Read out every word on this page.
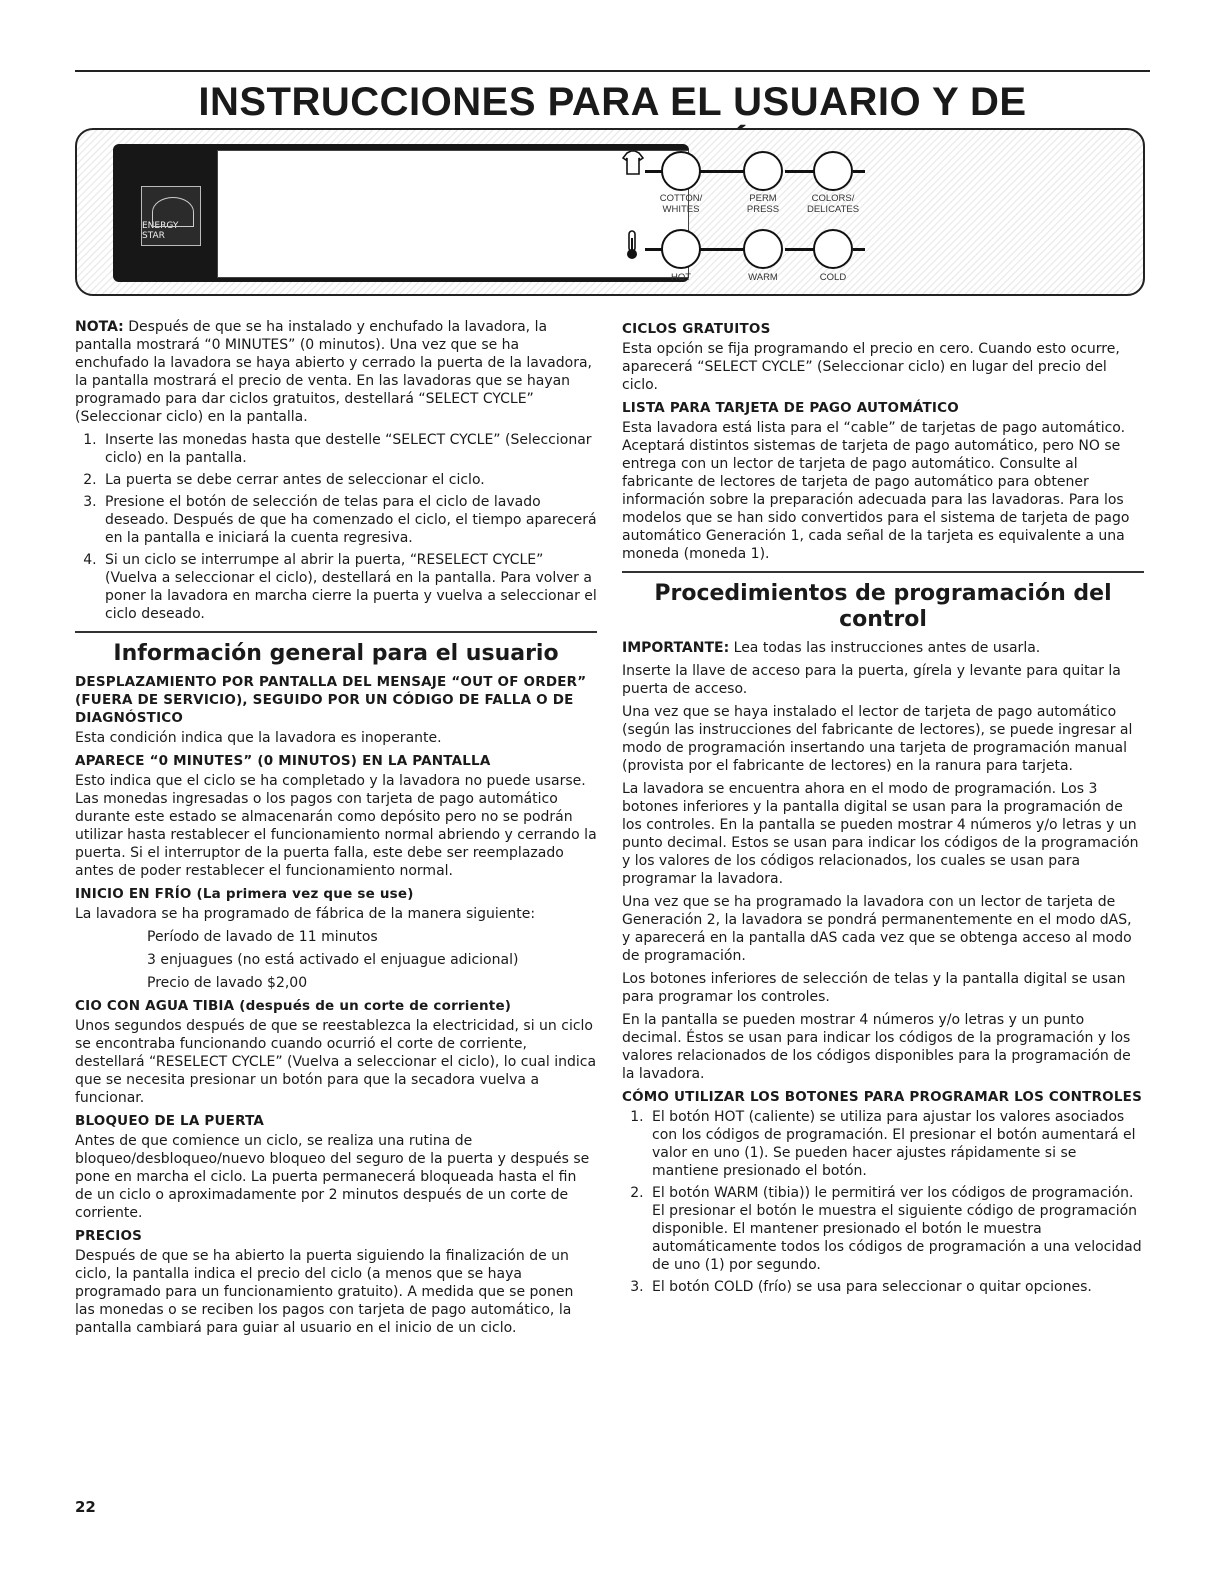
INSTRUCCIONES PARA EL USUARIO Y DE
ENERGY STAR
COTTON/
WHITES
PERM
PRESS
COLORS/
DELICATES
HOT	WARM	COLD

NOTA: Después de que se ha instalado y enchufado la lavadora, la pantalla mostrará “0 MINUTES” (0 minutos). Una vez que se ha enchufado la lavadora se haya abierto y cerrado la puerta de la lavadora, la pantalla mostrará el precio de venta. En las lavadoras que se hayan programado para dar ciclos gratuitos, destellará “SELECT CYCLE” (Seleccionar ciclo) en la pantalla.

1. Inserte las monedas hasta que destelle “SELECT CYCLE” (Seleccionar ciclo) en la pantalla.
2. La puerta se debe cerrar antes de seleccionar el ciclo.
3. Presione el botón de selección de telas para el ciclo de lavado deseado. Después de que ha comenzado el ciclo, el tiempo aparecerá en la pantalla e iniciará la cuenta regresiva.
4. Si un ciclo se interrumpe al abrir la puerta, “RESELECT CYCLE” (Vuelva a seleccionar el ciclo), destellará en la pantalla. Para volver a poner la lavadora en marcha cierre la puerta y vuelva a seleccionar el ciclo deseado.
Información general para el usuario
DESPLAZAMIENTO POR PANTALLA DEL MENSAJE “OUT OF ORDER” (FUERA DE SERVICIO), SEGUIDO POR UN CÓDIGO DE FALLA O DE DIAGNÓSTICO

Esta condición indica que la lavadora es inoperante.

APARECE “0 MINUTES” (0 MINUTOS) EN LA PANTALLA

Esto indica que el ciclo se ha completado y la lavadora no puede usarse. Las monedas ingresadas o los pagos con tarjeta de pago automático durante este estado se almacenarán como depósito pero no se podrán utilizar hasta restablecer el funcionamiento normal abriendo y cerrando la puerta. Si el interruptor de la puerta falla, este debe ser reemplazado antes de poder restablecer el funcionamiento normal.

INICIO EN FRÍO (La primera vez que se use)

La lavadora se ha programado de fábrica de la manera siguiente:

Período de lavado de 11 minutos

3 enjuagues (no está activado el enjuague adicional)

Precio de lavado $2,00

CIO CON AGUA TIBIA (después de un corte de corriente)

Unos segundos después de que se reestablezca la electricidad, si un ciclo se encontraba funcionando cuando ocurrió el corte de corriente, destellará “RESELECT CYCLE” (Vuelva a seleccionar el ciclo), lo cual indica que se necesita presionar un botón para que la secadora vuelva a funcionar.

BLOQUEO DE LA PUERTA

Antes de que comience un ciclo, se realiza una rutina de bloqueo/desbloqueo/nuevo bloqueo del seguro de la puerta y después se pone en marcha el ciclo. La puerta permanecerá bloqueada hasta el fin de un ciclo o aproximadamente por 2 minutos después de un corte de corriente.

PRECIOS

Después de que se ha abierto la puerta siguiendo la finalización de un ciclo, la pantalla indica el precio del ciclo (a menos que se haya programado para un funcionamiento gratuito). A medida que se ponen las monedas o se reciben los pagos con tarjeta de pago automático, la pantalla cambiará para guiar al usuario en el inicio de un ciclo.

CICLOS GRATUITOS

Esta opción se fija programando el precio en cero. Cuando esto ocurre, aparecerá “SELECT CYCLE” (Seleccionar ciclo) en lugar del precio del ciclo.

LISTA PARA TARJETA DE PAGO AUTOMÁTICO

Esta lavadora está lista para el “cable” de tarjetas de pago automático. Aceptará distintos sistemas de tarjeta de pago automático, pero NO se entrega con un lector de tarjeta de pago automático. Consulte al fabricante de lectores de tarjeta de pago automático para obtener información sobre la preparación adecuada para las lavadoras. Para los modelos que se han sido convertidos para el sistema de tarjeta de pago automático Generación 1, cada señal de la tarjeta es equivalente a una moneda (moneda 1).

Procedimientos de programación del control

IMPORTANTE: Lea todas las instrucciones antes de usarla.

Inserte la llave de acceso para la puerta, gírela y levante para quitar la puerta de acceso.

Una vez que se haya instalado el lector de tarjeta de pago automático (según las instrucciones del fabricante de lectores), se puede ingresar al modo de programación insertando una tarjeta de programación manual (provista por el fabricante de lectores) en la ranura para tarjeta.

La lavadora se encuentra ahora en el modo de programación. Los 3 botones inferiores y la pantalla digital se usan para la programación de los controles. En la pantalla se pueden mostrar 4 números y/o letras y un punto decimal. Estos se usan para indicar los códigos de la programación y los valores de los códigos relacionados, los cuales se usan para programar la lavadora.

Una vez que se ha programado la lavadora con un lector de tarjeta de Generación 2, la lavadora se pondrá permanentemente en el modo dAS, y aparecerá en la pantalla dAS cada vez que se obtenga acceso al modo de programación.

Los botones inferiores de selección de telas y la pantalla digital se usan para programar los controles.

En la pantalla se pueden mostrar 4 números y/o letras y un punto decimal. Éstos se usan para indicar los códigos de la programación y los valores relacionados de los códigos disponibles para la programación de la lavadora.

CÓMO UTILIZAR LOS BOTONES PARA PROGRAMAR LOS CONTROLES
1. El botón HOT (caliente) se utiliza para ajustar los valores asociados con los códigos de programación. El presionar el botón aumentará el valor en uno (1). Se pueden hacer ajustes rápidamente si se mantiene presionado el botón.
2. El botón WARM (tibia)) le permitirá ver los códigos de programación. El presionar el botón le muestra el siguiente código de programación disponible. El mantener presionado el botón le muestra automáticamente todos los códigos de programación a una velocidad de uno (1) por segundo.
3. El botón COLD (frío) se usa para seleccionar o quitar opciones.
22
